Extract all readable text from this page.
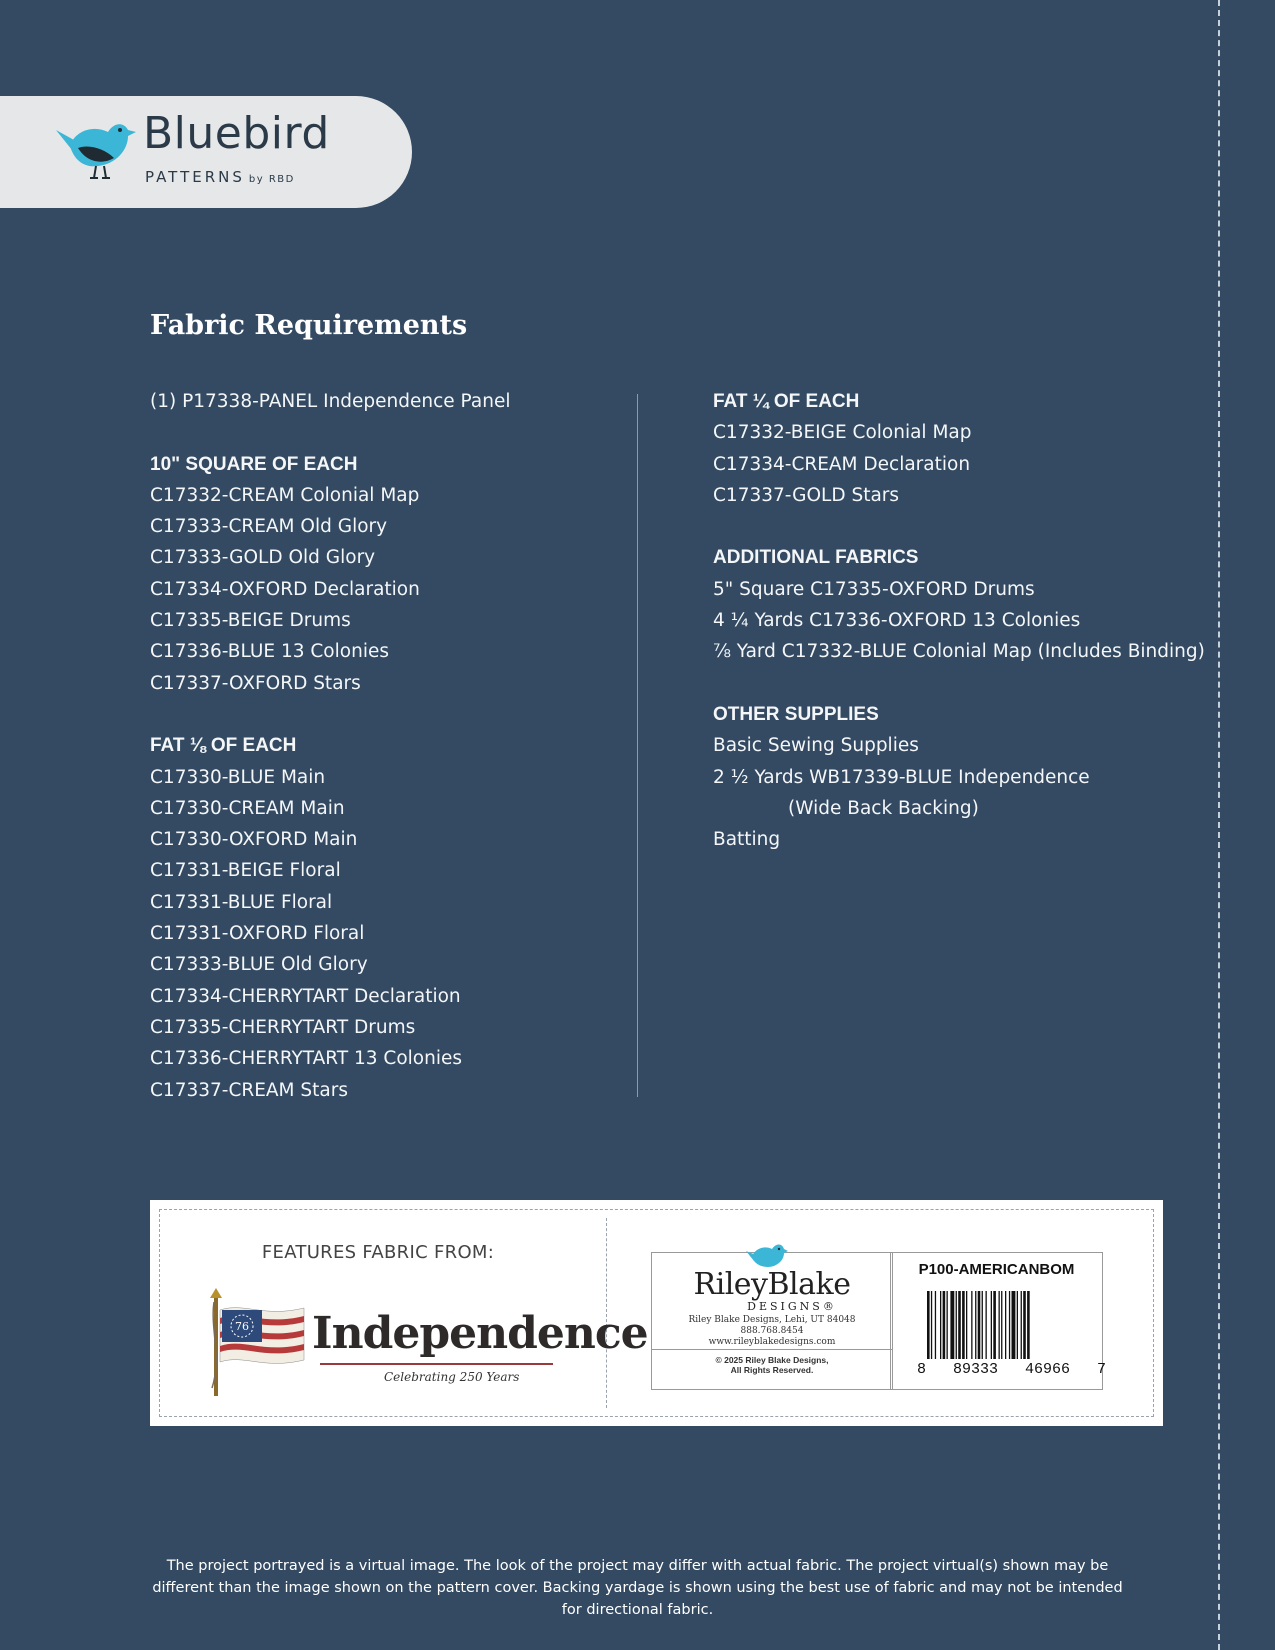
Bluebird
PATTERNS by RBD
Fabric Requirements
(1) P17338-PANEL Independence Panel
10" SQUARE OF EACH
C17332-CREAM Colonial Map
C17333-CREAM Old Glory
C17333-GOLD Old Glory
C17334-OXFORD Declaration
C17335-BEIGE Drums
C17336-BLUE 13 Colonies
C17337-OXFORD Stars
FAT ⅛ OF EACH
C17330-BLUE Main
C17330-CREAM Main
C17330-OXFORD Main
C17331-BEIGE Floral
C17331-BLUE Floral
C17331-OXFORD Floral
C17333-BLUE Old Glory
C17334-CHERRYTART Declaration
C17335-CHERRYTART Drums
C17336-CHERRYTART 13 Colonies
C17337-CREAM Stars
FAT ¼ OF EACH
C17332-BEIGE Colonial Map
C17334-CREAM Declaration
C17337-GOLD Stars
ADDITIONAL FABRICS
5" Square C17335-OXFORD Drums
4 ¼ Yards C17336-OXFORD 13 Colonies
⅞ Yard C17332-BLUE Colonial Map (Includes Binding)
OTHER SUPPLIES
Basic Sewing Supplies
2 ½ Yards WB17339-BLUE Independence
(Wide Back Backing)
Batting
FEATURES FABRIC FROM:
76 Independence
Celebrating 250 Years
RileyBlake
DESIGNS®
Riley Blake Designs, Lehi, UT 84048
888.768.8454
www.rileyblakedesigns.com
© 2025 Riley Blake Designs,
All Rights Reserved.
P100-AMERICANBOM
8   89333   46966   7
The project portrayed is a virtual image. The look of the project may differ with actual fabric. The project virtual(s) shown may be different than the image shown on the pattern cover. Backing yardage is shown using the best use of fabric and may not be intended for directional fabric.
